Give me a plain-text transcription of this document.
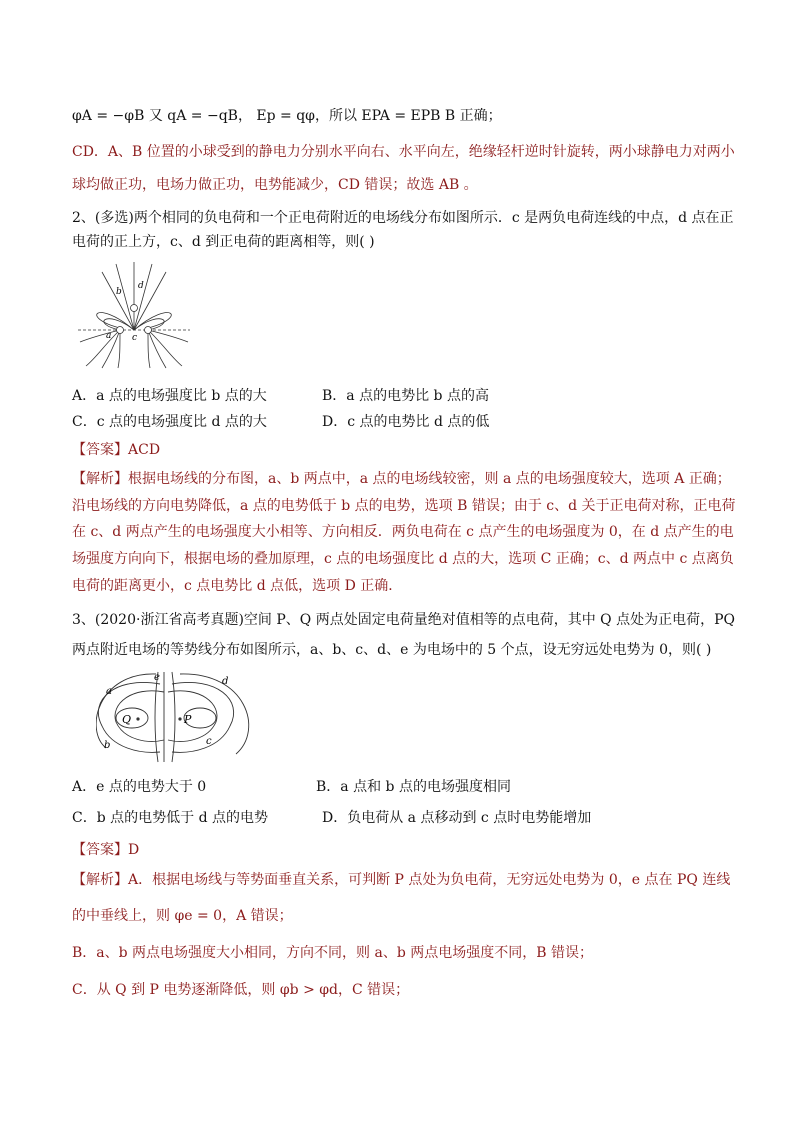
φA = −φB 又 qA = −qB， Ep = qφ，所以 EPA = EPB B 正确；
CD．A、B 位置的小球受到的静电力分别水平向右、水平向左，绝缘轻杆逆时针旋转，两小球静电力对两小
球均做正功，电场力做正功，电势能减少，CD 错误；故选 AB 。
2、(多选)两个相同的负电荷和一个正电荷附近的电场线分布如图所示．c 是两负电荷连线的中点，d 点在正
电荷的正上方，c、d 到正电荷的距离相等，则( )
b
d
a c
A．a 点的电场强度比 b 点的大	B．a 点的电势比 b 点的高
C．c 点的电场强度比 d 点的大	D．c 点的电势比 d 点的低
【答案】ACD
【解析】根据电场线的分布图，a、b 两点中，a 点的电场线较密，则 a 点的电场强度较大，选项 A 正确；
沿电场线的方向电势降低，a 点的电势低于 b 点的电势，选项 B 错误；由于 c、d 关于正电荷对称，正电荷
在 c、d 两点产生的电场强度大小相等、方向相反．两负电荷在 c 点产生的电场强度为 0，在 d 点产生的电
场强度方向向下，根据电场的叠加原理，c 点的电场强度比 d 点的大，选项 C 正确；c、d 两点中 c 点离负
电荷的距离更小，c 点电势比 d 点低，选项 D 正确．
3、(2020·浙江省高考真题)空间 P、Q 两点处固定电荷量绝对值相等的点电荷，其中 Q 点处为正电荷，PQ
两点附近电场的等势线分布如图所示，a、b、c、d、e 为电场中的 5 个点，设无穷远处电势为 0，则( )
Q	P
a
b	c
d
e
A．e 点的电势大于 0	B．a 点和 b 点的电场强度相同
C．b 点的电势低于 d 点的电势	D．负电荷从 a 点移动到 c 点时电势能增加
【答案】D
【解析】A．根据电场线与等势面垂直关系，可判断 P 点处为负电荷，无穷远处电势为 0，e 点在 PQ 连线
的中垂线上，则 φe = 0，A 错误；
B．a、b 两点电场强度大小相同，方向不同，则 a、b 两点电场强度不同，B 错误；
C．从 Q 到 P 电势逐渐降低，则 φb > φd，C 错误；
